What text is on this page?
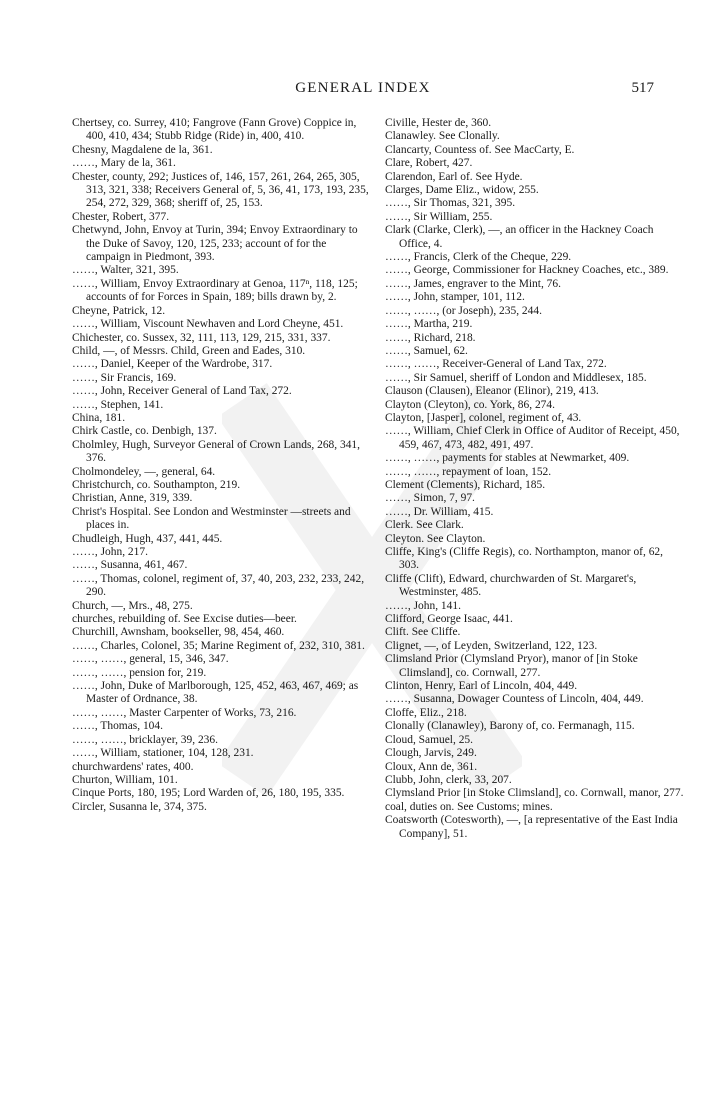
GENERAL INDEX	517

Chertsey, co. Surrey, 410; Fangrove (Fann Grove) Coppice in, 400, 410, 434; Stubb Ridge (Ride) in, 400, 410.

Chesny, Magdalene de la, 361.

……, Mary de la, 361.

Chester, county, 292; Justices of, 146, 157, 261, 264, 265, 305, 313, 321, 338; Receivers General of, 5, 36, 41, 173, 193, 235, 254, 272, 329, 368; sheriff of, 25, 153.

Chester, Robert, 377.

Chetwynd, John, Envoy at Turin, 394; Envoy Extraordinary to the Duke of Savoy, 120, 125, 233; account of for the campaign in Piedmont, 393.

……, Walter, 321, 395.

……, William, Envoy Extraordinary at Genoa, 117ⁿ, 118, 125; accounts of for Forces in Spain, 189; bills drawn by, 2.

Cheyne, Patrick, 12.

……, William, Viscount Newhaven and Lord Cheyne, 451.

Chichester, co. Sussex, 32, 111, 113, 129, 215, 331, 337.

Child, —, of Messrs. Child, Green and Eades, 310.

……, Daniel, Keeper of the Wardrobe, 317.

……, Sir Francis, 169.

……, John, Receiver General of Land Tax, 272.

……, Stephen, 141.

China, 181.

Chirk Castle, co. Denbigh, 137.

Cholmley, Hugh, Surveyor General of Crown Lands, 268, 341, 376.

Cholmondeley, —, general, 64.

Christchurch, co. Southampton, 219.

Christian, Anne, 319, 339.

Christ's Hospital. See London and Westminster —streets and places in.

Chudleigh, Hugh, 437, 441, 445.

……, John, 217.

……, Susanna, 461, 467.

……, Thomas, colonel, regiment of, 37, 40, 203, 232, 233, 242, 290.

Church, —, Mrs., 48, 275.

churches, rebuilding of. See Excise duties—beer.

Churchill, Awnsham, bookseller, 98, 454, 460.

……, Charles, Colonel, 35; Marine Regiment of, 232, 310, 381.

……, ……, general, 15, 346, 347.

……, ……, pension for, 219.

……, John, Duke of Marlborough, 125, 452, 463, 467, 469; as Master of Ordnance, 38.

……, ……, Master Carpenter of Works, 73, 216.

……, Thomas, 104.

……, ……, bricklayer, 39, 236.

……, William, stationer, 104, 128, 231.

churchwardens' rates, 400.

Churton, William, 101.

Cinque Ports, 180, 195; Lord Warden of, 26, 180, 195, 335.

Circler, Susanna le, 374, 375.

Civille, Hester de, 360.

Clanawley. See Clonally.

Clancarty, Countess of. See MacCarty, E.

Clare, Robert, 427.

Clarendon, Earl of. See Hyde.

Clarges, Dame Eliz., widow, 255.

……, Sir Thomas, 321, 395.

……, Sir William, 255.

Clark (Clarke, Clerk), —, an officer in the Hackney Coach Office, 4.

……, Francis, Clerk of the Cheque, 229.

……, George, Commissioner for Hackney Coaches, etc., 389.

……, James, engraver to the Mint, 76.

……, John, stamper, 101, 112.

……, ……, (or Joseph), 235, 244.

……, Martha, 219.

……, Richard, 218.

……, Samuel, 62.

……, ……, Receiver-General of Land Tax, 272.

……, Sir Samuel, sheriff of London and Middlesex, 185.

Clauson (Clausen), Eleanor (Elinor), 219, 413.

Clayton (Cleyton), co. York, 86, 274.

Clayton, [Jasper], colonel, regiment of, 43.

……, William, Chief Clerk in Office of Auditor of Receipt, 450, 459, 467, 473, 482, 491, 497.

……, ……, payments for stables at Newmarket, 409.

……, ……, repayment of loan, 152.

Clement (Clements), Richard, 185.

……, Simon, 7, 97.

……, Dr. William, 415.

Clerk. See Clark.

Cleyton. See Clayton.

Cliffe, King's (Cliffe Regis), co. Northampton, manor of, 62, 303.

Cliffe (Clift), Edward, churchwarden of St. Margaret's, Westminster, 485.

……, John, 141.

Clifford, George Isaac, 441.

Clift. See Cliffe.

Clignet, —, of Leyden, Switzerland, 122, 123.

Climsland Prior (Clymsland Pryor), manor of [in Stoke Climsland], co. Cornwall, 277.

Clinton, Henry, Earl of Lincoln, 404, 449.

……, Susanna, Dowager Countess of Lincoln, 404, 449.

Cloffe, Eliz., 218.

Clonally (Clanawley), Barony of, co. Fermanagh, 115.

Cloud, Samuel, 25.

Clough, Jarvis, 249.

Cloux, Ann de, 361.

Clubb, John, clerk, 33, 207.

Clymsland Prior [in Stoke Climsland], co. Cornwall, manor, 277.

coal, duties on. See Customs; mines.

Coatsworth (Cotesworth), —, [a representative of the East India Company], 51.
